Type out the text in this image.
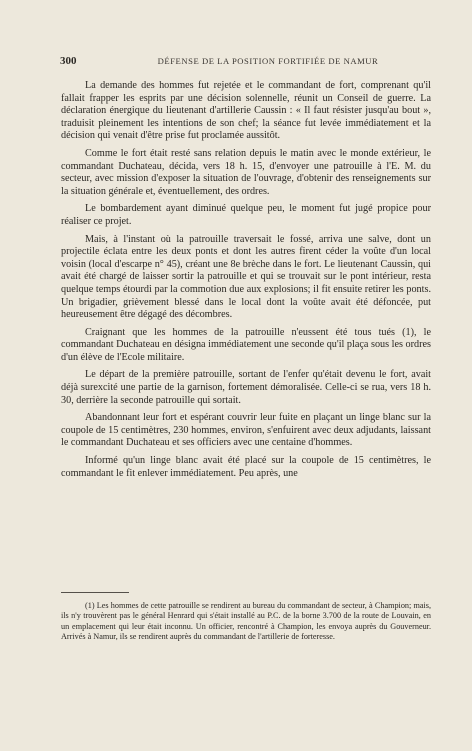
300	DÉFENSE DE LA POSITION FORTIFIÉE DE NAMUR

La demande des hommes fut rejetée et le commandant de fort, comprenant qu'il fallait frapper les esprits par une décision solennelle, réunit un Conseil de guerre. La déclaration énergique du lieutenant d'artillerie Caussin : « Il faut résister jusqu'au bout », traduisit pleinement les intentions de son chef; la séance fut levée immédiatement et la décision qui venait d'être prise fut proclamée aussitôt.

Comme le fort était resté sans relation depuis le matin avec le monde extérieur, le commandant Duchateau, décida, vers 18 h. 15, d'envoyer une patrouille à l'E. M. du secteur, avec mission d'exposer la situation de l'ouvrage, d'obtenir des renseignements sur la situation générale et, éventuellement, des ordres.

Le bombardement ayant diminué quelque peu, le moment fut jugé propice pour réaliser ce projet.

Mais, à l'instant où la patrouille traversait le fossé, arriva une salve, dont un projectile éclata entre les deux ponts et dont les autres firent céder la voûte d'un local voisin (local d'escarpe n° 45), créant une 8e brèche dans le fort. Le lieutenant Caussin, qui avait été chargé de laisser sortir la patrouille et qui se trouvait sur le pont intérieur, resta quelque temps étourdi par la commotion due aux explosions; il fit ensuite retirer les ponts. Un brigadier, grièvement blessé dans le local dont la voûte avait été défoncée, put heureusement être dégagé des décombres.

Craignant que les hommes de la patrouille n'eussent été tous tués (1), le commandant Duchateau en désigna immédiatement une seconde qu'il plaça sous les ordres d'un élève de l'Ecole militaire.

Le départ de la première patrouille, sortant de l'enfer qu'était devenu le fort, avait déjà surexcité une partie de la garnison, fortement démoralisée. Celle-ci se rua, vers 18 h. 30, derrière la seconde patrouille qui sortait.

Abandonnant leur fort et espérant couvrir leur fuite en plaçant un linge blanc sur la coupole de 15 centimètres, 230 hommes, environ, s'enfuirent avec deux adjudants, laissant le commandant Duchateau et ses officiers avec une centaine d'hommes.

Informé qu'un linge blanc avait été placé sur la coupole de 15 centimètres, le commandant le fit enlever immédiatement. Peu après, une

(1) Les hommes de cette patrouille se rendirent au bureau du commandant de secteur, à Champion; mais, ils n'y trouvèrent pas le général Henrard qui s'était installé au P.C. de la borne 3.700 de la route de Louvain, en un emplacement qui leur était inconnu. Un officier, rencontré à Champion, les envoya auprès du Gouverneur. Arrivés à Namur, ils se rendirent auprès du commandant de l'artillerie de forteresse.
